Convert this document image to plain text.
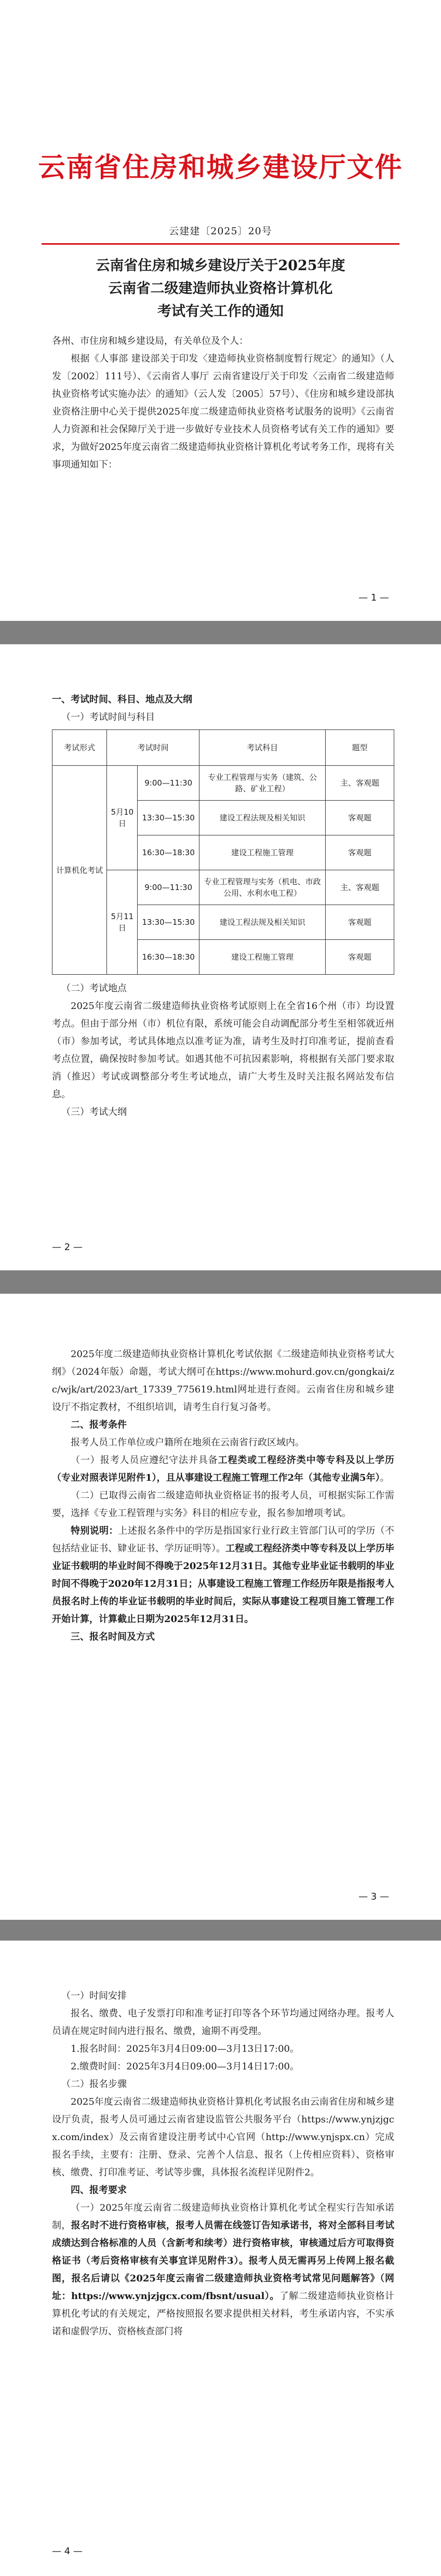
云南省住房和城乡建设厅文件
云建建〔2025〕20号
云南省住房和城乡建设厅关于2025年度
云南省二级建造师执业资格计算机化
考试有关工作的通知

各州、市住房和城乡建设局，有关单位及个人：

根据《人事部 建设部关于印发〈建造师执业资格制度暂行规定〉的通知》（人发〔2002〕111号）、《云南省人事厅 云南省建设厅关于印发〈云南省二级建造师执业资格考试实施办法〉的通知》（云人发〔2005〕57号）、《住房和城乡建设部执业资格注册中心关于提供2025年度二级建造师执业资格考试服务的说明》《云南省人力资源和社会保障厅关于进一步做好专业技术人员资格考试有关工作的通知》要求，为做好2025年度云南省二级建造师执业资格计算机化考试考务工作，现将有关事项通知如下：

— 1 —

一、考试时间、科目、地点及大纲

（一）考试时间与科目

考试形式	考试时间		考试科目	题型
计算机化考试	5月10日	9:00—11:30	专业工程管理与实务（建筑、公路、矿业工程）	主、客观题
		13:30—15:30	建设工程法规及相关知识	客观题
		16:30—18:30	建设工程施工管理	客观题
	5月11日	9:00—11:30	专业工程管理与实务（机电、市政公用、水利水电工程）	主、客观题
		13:30—15:30	建设工程法规及相关知识	客观题
		16:30—18:30	建设工程施工管理	客观题

（二）考试地点

2025年度云南省二级建造师执业资格考试原则上在全省16个州（市）均设置考点。但由于部分州（市）机位有限，系统可能会自动调配部分考生至相邻就近州（市）参加考试，考试具体地点以准考证为准，请考生及时打印准考证，提前查看考点位置，确保按时参加考试。如遇其他不可抗因素影响，将根据有关部门要求取消（推迟）考试或调整部分考生考试地点，请广大考生及时关注报名网站发布信息。

（三）考试大纲

— 2 —

2025年度二级建造师执业资格计算机化考试依据《二级建造师执业资格考试大纲》（2024年版）命题，考试大纲可在https://www.mohurd.gov.cn/gongkai/zc/wjk/art/2023/art_17339_775619.html网址进行查阅。云南省住房和城乡建设厅不指定教材，不组织培训，请考生自行复习备考。

二、报考条件

报考人员工作单位或户籍所在地须在云南省行政区域内。

（一）报考人员应遵纪守法并具备工程类或工程经济类中等专科及以上学历（专业对照表详见附件1），且从事建设工程施工管理工作2年（其他专业满5年）。

（二）已取得云南省二级建造师执业资格证书的报考人员，可根据实际工作需要，选择《专业工程管理与实务》科目的相应专业，报名参加增项考试。

特别说明：上述报名条件中的学历是指国家行业行政主管部门认可的学历（不包括结业证书、肄业证书、学历证明等）。工程或工程经济类中等专科及以上学历毕业证书载明的毕业时间不得晚于2025年12月31日。其他专业毕业证书载明的毕业时间不得晚于2020年12月31日；从事建设工程施工管理工作经历年限是指报考人员报名时上传的毕业证书载明的毕业时间后，实际从事建设工程项目施工管理工作开始计算，计算截止日期为2025年12月31日。

三、报名时间及方式

— 3 —

（一）时间安排

报名、缴费、电子发票打印和准考证打印等各个环节均通过网络办理。报考人员请在规定时间内进行报名、缴费，逾期不再受理。

1.报名时间：2025年3月4日09:00—3月13日17:00。

2.缴费时间：2025年3月4日09:00—3月14日17:00。

（二）报名步骤

2025年度云南省二级建造师执业资格计算机化考试报名由云南省住房和城乡建设厅负责，报考人员可通过云南省建设监管公共服务平台（https://www.ynjzjgcx.com/index）及云南省建设注册考试中心官网（http://www.ynjspx.cn）完成报名手续，主要有：注册、登录、完善个人信息、报名（上传相应资料）、资格审核、缴费、打印准考证、考试等步骤，具体报名流程详见附件2。

四、报考要求

（一）2025年度云南省二级建造师执业资格计算机化考试全程实行告知承诺制，报名时不进行资格审核，报考人员需在线签订告知承诺书，将对全部科目考试成绩达到合格标准的人员（含新考和续考）进行资格审核，审核通过后方可取得资格证书（考后资格审核有关事宜详见附件3）。报考人员无需再另上传网上报名截图，报名后请以《2025年度云南省二级建造师执业资格考试常见问题解答》（网址：https://www.ynjzjgcx.com/fbsnt/usual）。了解二级建造师执业资格计算机化考试的有关规定，严格按照报名要求提供相关材料，考生承诺内容，不实承诺和虚假学历、资格核查部门将

— 4 —
